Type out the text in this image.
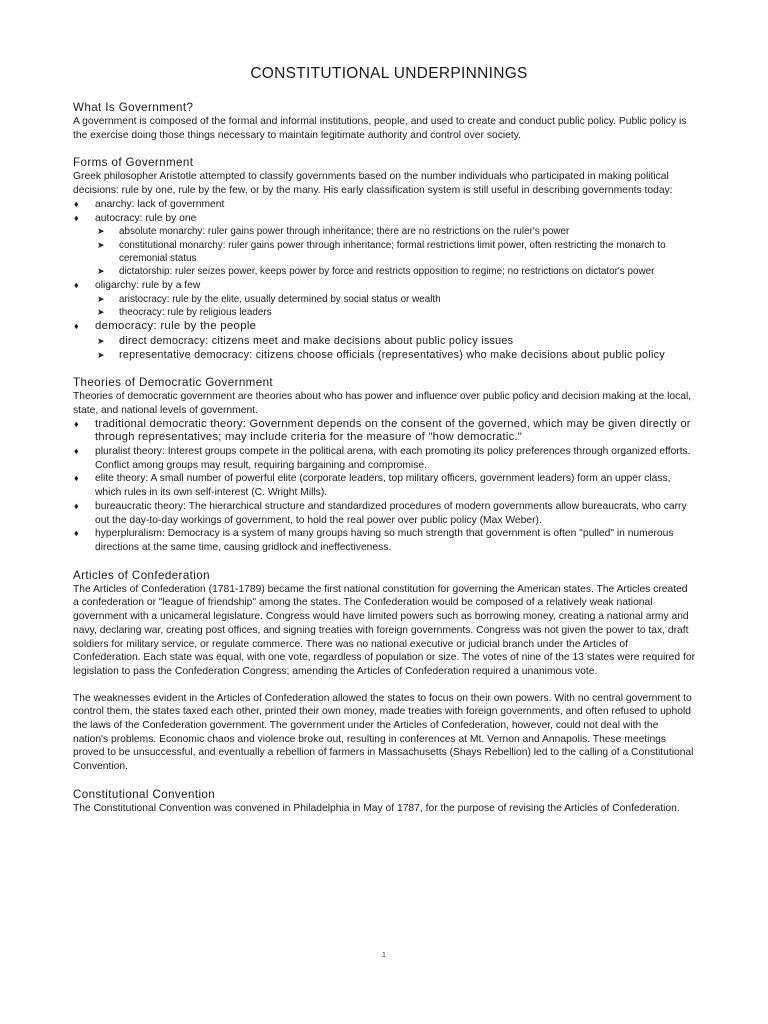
CONSTITUTIONAL UNDERPINNINGS
What Is Government?

A government is composed of the formal and informal institutions, people, and used to create and conduct public policy. Public policy is the exercise doing those things necessary to maintain legitimate authority and control over society.

Forms of Government

Greek philosopher Aristotle attempted to classify governments based on the number individuals who participated in making political decisions: rule by one, rule by the few, or by the many. His early classification system is still useful in describing governments today:

♦ anarchy: lack of government
♦ autocracy: rule by one
➤ absolute monarchy: ruler gains power through inheritance; there are no restrictions on the ruler's power
➤ constitutional monarchy: ruler gains power through inheritance; formal restrictions limit power, often restricting the monarch to ceremonial status
➤ dictatorship: ruler seizes power, keeps power by force and restricts opposition to regime; no restrictions on dictator's power
♦ oligarchy: rule by a few
➤ aristocracy: rule by the elite, usually determined by social status or wealth
➤ theocracy: rule by religious leaders
♦ democracy: rule by the people
➤ direct democracy: citizens meet and make decisions about public policy issues
➤ representative democracy: citizens choose officials (representatives) who make decisions about public policy
Theories of Democratic Government

Theories of democratic government are theories about who has power and influence over public policy and decision making at the local, state, and national levels of government.

♦ traditional democratic theory: Government depends on the consent of the governed, which may be given directly or through representatives; may include criteria for the measure of "how democratic."
♦ pluralist theory: Interest groups compete in the political arena, with each promoting its policy preferences through organized efforts. Conflict among groups may result, requiring bargaining and compromise.
♦ elite theory: A small number of powerful elite (corporate leaders, top military officers, government leaders) form an upper class, which rules in its own self-interest (C. Wright Mills).
♦ bureaucratic theory: The hierarchical structure and standardized procedures of modern governments allow bureaucrats, who carry out the day-to-day workings of government, to hold the real power over public policy (Max Weber).
♦ hyperpluralism: Democracy is a system of many groups having so much strength that government is often "pulled" in numerous directions at the same time, causing gridlock and ineffectiveness.
Articles of Confederation

The Articles of Confederation (1781-1789) became the first national constitution for governing the American states. The Articles created a confederation or "league of friendship" among the states. The Confederation would be composed of a relatively weak national government with a unicameral legislature. Congress would have limited powers such as borrowing money, creating a national army and navy, declaring war, creating post offices, and signing treaties with foreign governments. Congress was not given the power to tax, draft soldiers for military service, or regulate commerce. There was no national executive or judicial branch under the Articles of Confederation. Each state was equal, with one vote, regardless of population or size. The votes of nine of the 13 states were required for legislation to pass the Confederation Congress; amending the Articles of Confederation required a unanimous vote.

The weaknesses evident in the Articles of Confederation allowed the states to focus on their own powers. With no central government to control them, the states taxed each other, printed their own money, made treaties with foreign governments, and often refused to uphold the laws of the Confederation government. The government under the Articles of Confederation, however, could not deal with the nation's problems. Economic chaos and violence broke out, resulting in conferences at Mt. Vernon and Annapolis. These meetings proved to be unsuccessful, and eventually a rebellion of farmers in Massachusetts (Shays Rebellion) led to the calling of a Constitutional Convention.

Constitutional Convention

The Constitutional Convention was convened in Philadelphia in May of 1787, for the purpose of revising the Articles of Confederation.

1
